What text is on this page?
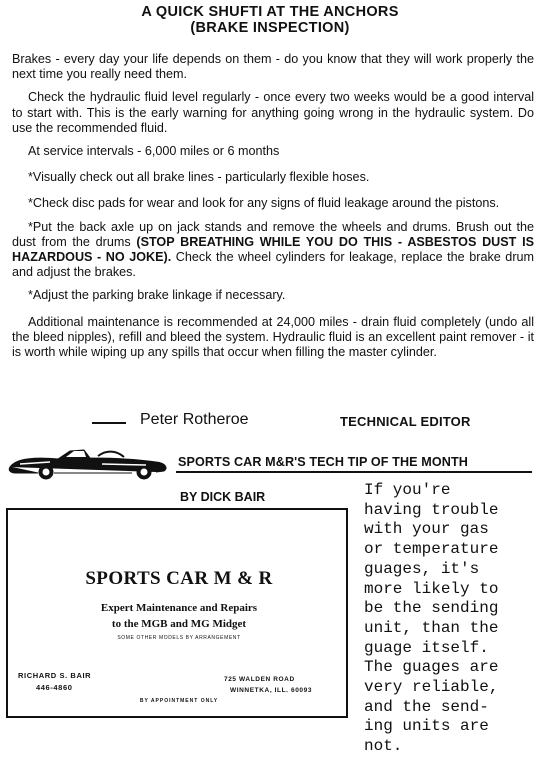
A QUICK SHUFTI AT THE ANCHORS
(BRAKE INSPECTION)

Brakes - every day your life depends on them - do you know that they will work properly the next time you really need them.

Check the hydraulic fluid level regularly - once every two weeks would be a good interval to start with. This is the early warning for anything going wrong in the hydraulic system. Do use the recommended fluid.

At service intervals - 6,000 miles or 6 months

*Visually check out all brake lines - particularly flexible hoses.

*Check disc pads for wear and look for any signs of fluid leakage around the pistons.

*Put the back axle up on jack stands and remove the wheels and drums. Brush out the dust from the drums (STOP BREATHING WHILE YOU DO THIS - ASBESTOS DUST IS HAZARDOUS - NO JOKE). Check the wheel cylinders for leakage, replace the brake drum and adjust the brakes.

*Adjust the parking brake linkage if necessary.

Additional maintenance is recommended at 24,000 miles - drain fluid completely (undo all the bleed nipples), refill and bleed the system. Hydraulic fluid is an excellent paint remover - it is worth while wiping up any spills that occur when filling the master cylinder.

Peter Rotheroe	TECHNICAL EDITOR
SPORTS CAR M&R'S TECH TIP OF THE MONTH
BY DICK BAIR
SPORTS CAR M & R
Expert Maintenance and Repairs
to the MGB and MG Midget
SOME OTHER MODELS BY ARRANGEMENT
RICHARD S. BAIR
446-4860
725 WALDEN ROAD
WINNETKA, ILL. 60093
BY APPOINTMENT ONLY
If you're
having trouble
with your gas
or temperature
guages, it's
more likely to
be the sending
unit, than the
guage itself.
The guages are
very reliable,
and the send-
ing units are
not.
